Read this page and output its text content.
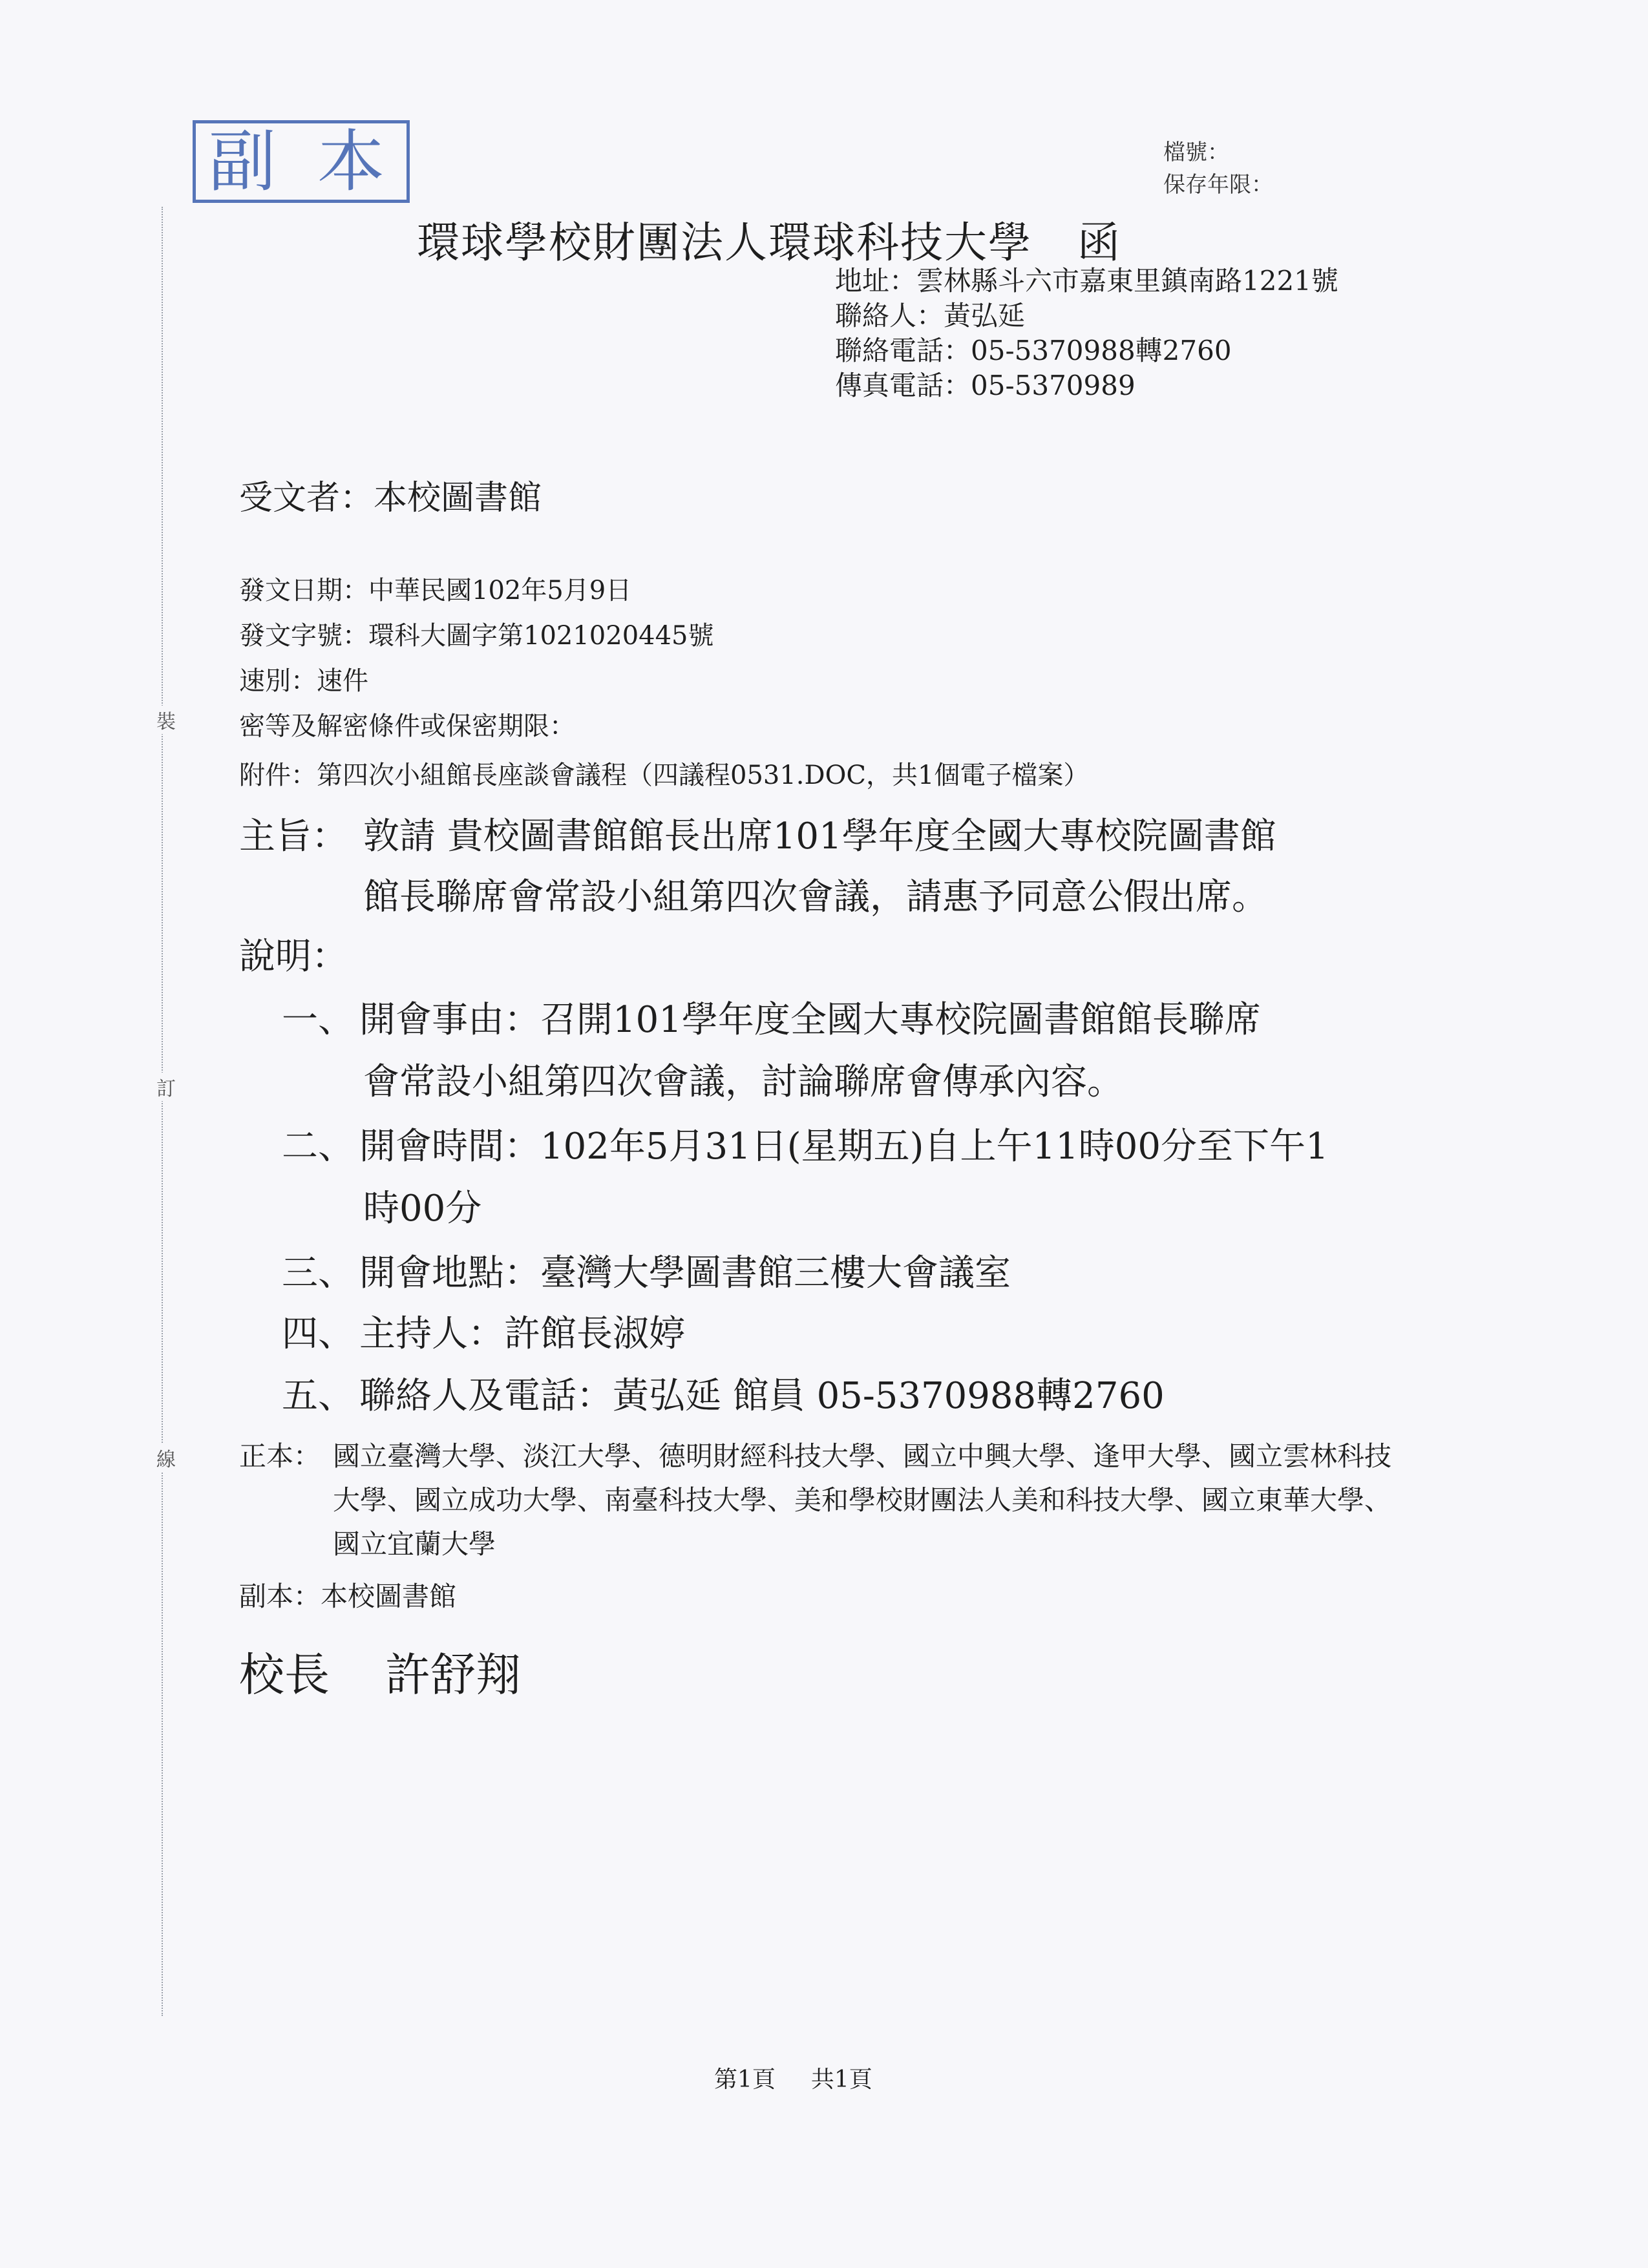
裝
訂
線
副本	檔號：
保存年限：
環球學校財團法人環球科技大學 函
地址：雲林縣斗六市嘉東里鎮南路1221號
聯絡人：黃弘延
聯絡電話：05-5370988轉2760
傳真電話：05-5370989
受文者：本校圖書館
發文日期：中華民國102年5月9日
發文字號：環科大圖字第1021020445號
速別：速件
密等及解密條件或保密期限：
附件：第四次小組館長座談會議程（四議程0531.DOC，共1個電子檔案）
主旨： 敦請 貴校圖書館館長出席101學年度全國大專校院圖書館
館長聯席會常設小組第四次會議，請惠予同意公假出席。
說明：
一、 開會事由：召開101學年度全國大專校院圖書館館長聯席
會常設小組第四次會議，討論聯席會傳承內容。
二、 開會時間：102年5月31日(星期五)自上午11時00分至下午1
時00分
三、 開會地點：臺灣大學圖書館三樓大會議室
四、 主持人：許館長淑婷
五、 聯絡人及電話：黃弘延 館員 05-5370988轉2760
正本： 國立臺灣大學、淡江大學、德明財經科技大學、國立中興大學、逢甲大學、國立雲林科技大學、國立成功大學、南臺科技大學、美和學校財團法人美和科技大學、國立東華大學、國立宜蘭大學
副本：本校圖書館
校長 許舒翔
第1頁 共1頁
